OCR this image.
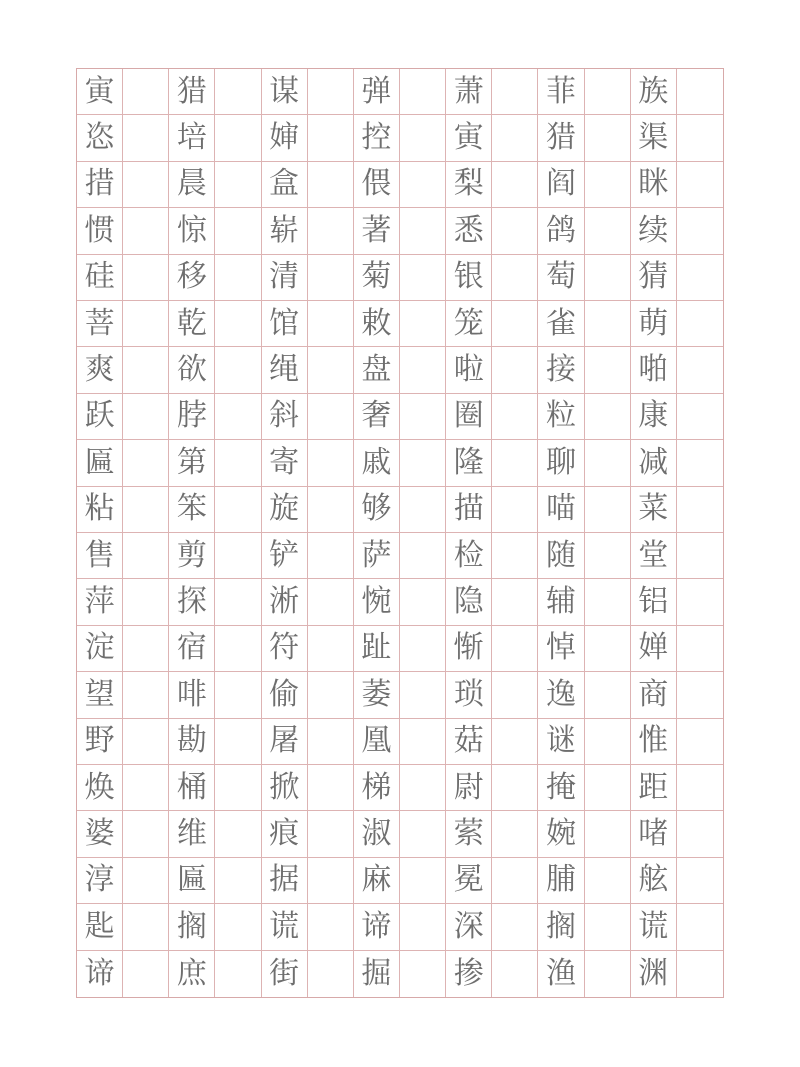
寅 猎 谋 弹 萧 菲 族
恣 培 婶 控 寅 猎 渠
措 晨 盒 偎 梨 阎 眯
惯 惊 崭 著 悉 鸽 续
硅 移 清 菊 银 萄 猜
菩 乾 馆 敕 笼 雀 萌
爽 欲 绳 盘 啦 接 啪
跃 脖 斜 奢 圈 粒 康
匾 第 寄 戚 隆 聊 减
粘 笨 旋 够 描 喵 菜
售 剪 铲 萨 检 随 堂
萍 探 淅 惋 隐 辅 铝
淀 宿 符 趾 惭 悼 婵
望 啡 偷 萎 琐 逸 商
野 勘 屠 凰 菇 谜 惟
焕 桶 掀 梯 尉 掩 距
婆 维 痕 淑 萦 婉 啫
淳 匾 据 麻 冕 脯 舷
匙 搁 谎 谛 深 搁 谎
谛 庶 街 掘 掺 渔 渊
